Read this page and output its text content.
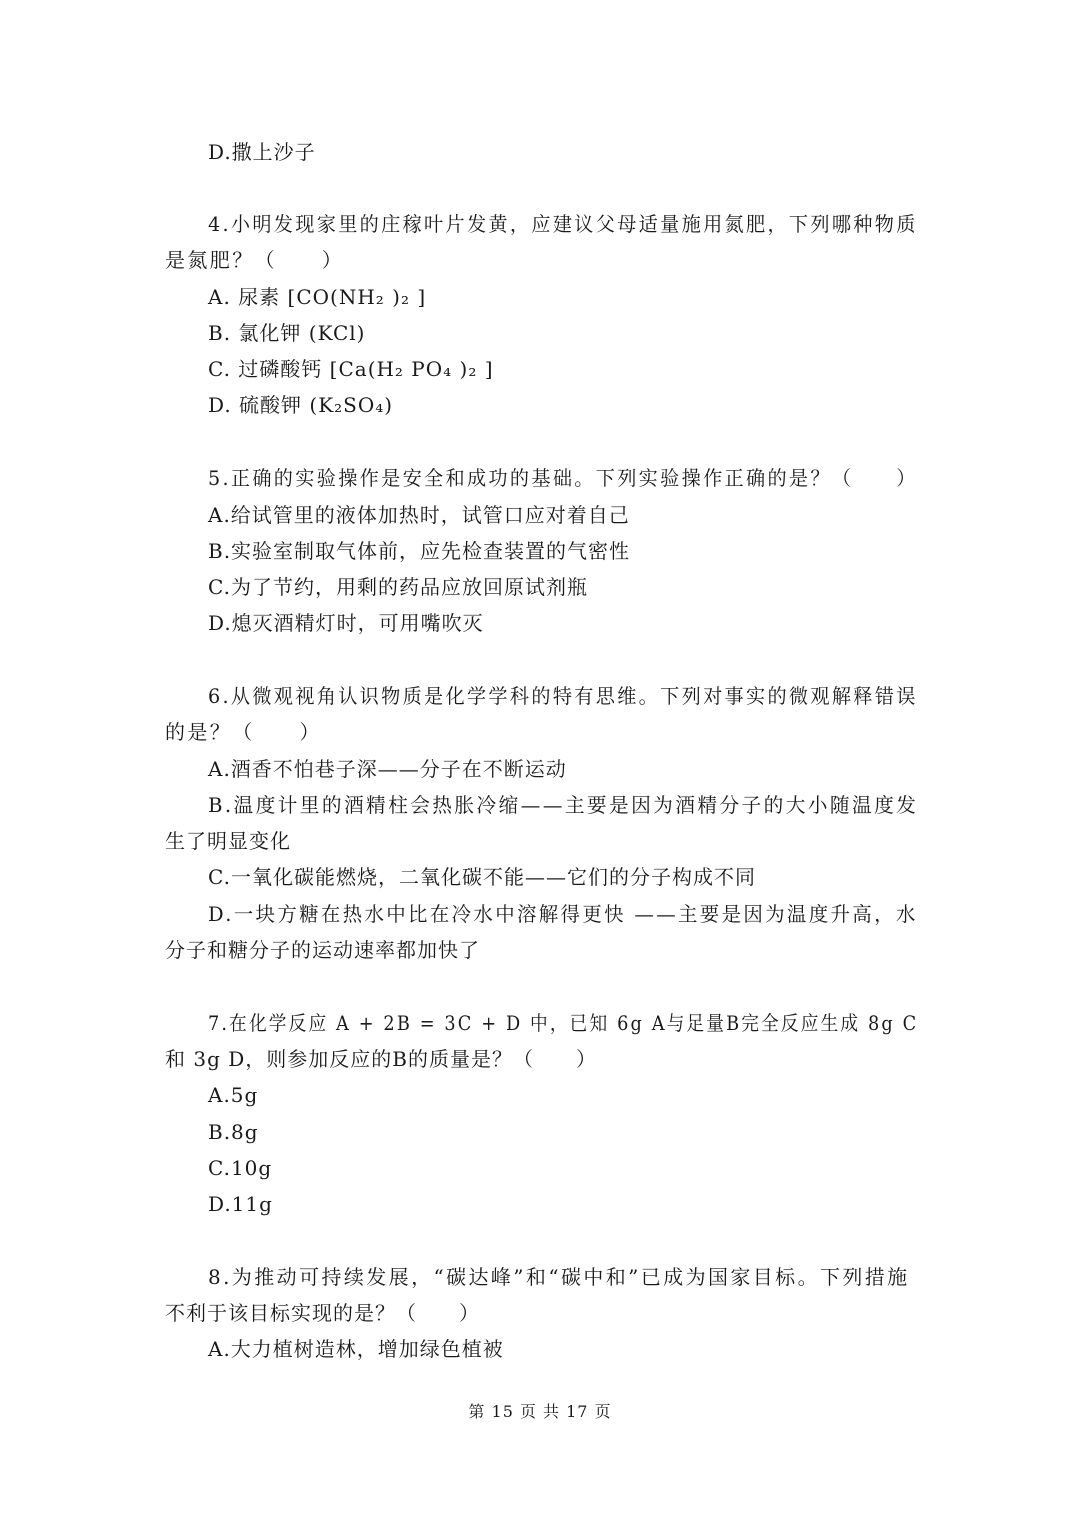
D.撒上沙子
4.小明发现家里的庄稼叶片发黄，应建议父母适量施用氮肥，下列哪种物质
是氮肥？（　　）
A. 尿素 [CO(NH₂ )₂ ]
B. 氯化钾 (KCl)
C. 过磷酸钙 [Ca(H₂ PO₄ )₂ ]
D. 硫酸钾 (K₂SO₄)
5.正确的实验操作是安全和成功的基础。下列实验操作正确的是？（　　）
A.给试管里的液体加热时，试管口应对着自己
B.实验室制取气体前，应先检查装置的气密性
C.为了节约，用剩的药品应放回原试剂瓶
D.熄灭酒精灯时，可用嘴吹灭
6.从微观视角认识物质是化学学科的特有思维。下列对事实的微观解释错误
的是？（　　）
A.酒香不怕巷子深——分子在不断运动
B.温度计里的酒精柱会热胀冷缩——主要是因为酒精分子的大小随温度发
生了明显变化
C.一氧化碳能燃烧，二氧化碳不能——它们的分子构成不同
D.一块方糖在热水中比在冷水中溶解得更快 ——主要是因为温度升高，水
分子和糖分子的运动速率都加快了
7.在化学反应 A + 2B = 3C + D 中，已知 6g A与足量B完全反应生成 8g C
和 3g D，则参加反应的B的质量是？（　　）
A.5g
B.8g
C.10g
D.11g
8.为推动可持续发展，“碳达峰”和“碳中和”已成为国家目标。下列措施
不利于该目标实现的是？（　　）
A.大力植树造林，增加绿色植被
第 15 页 共 17 页
